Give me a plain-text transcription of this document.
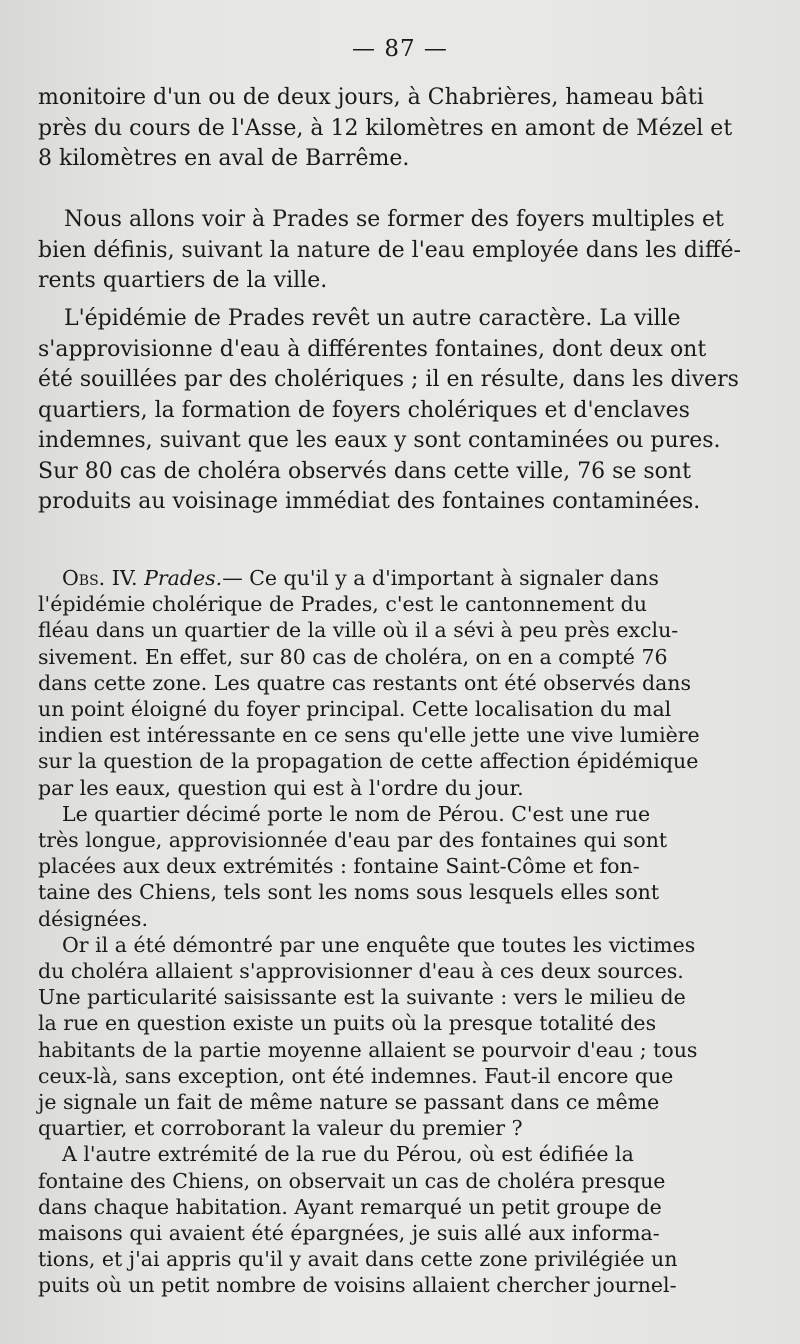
— 87 —

monitoire d'un ou de deux jours, à Chabrières, hameau bâti
près du cours de l'Asse, à 12 kilomètres en amont de Mézel et
8 kilomètres en aval de Barrême.

Nous allons voir à Prades se former des foyers multiples et
bien définis, suivant la nature de l'eau employée dans les diffé-
rents quartiers de la ville.

L'épidémie de Prades revêt un autre caractère. La ville
s'approvisionne d'eau à différentes fontaines, dont deux ont
été souillées par des cholériques ; il en résulte, dans les divers
quartiers, la formation de foyers cholériques et d'enclaves
indemnes, suivant que les eaux y sont contaminées ou pures.
Sur 80 cas de choléra observés dans cette ville, 76 se sont
produits au voisinage immédiat des fontaines contaminées.

Obs. IV. Prades.— Ce qu'il y a d'important à signaler dans
l'épidémie cholérique de Prades, c'est le cantonnement du
fléau dans un quartier de la ville où il a sévi à peu près exclu-
sivement. En effet, sur 80 cas de choléra, on en a compté 76
dans cette zone. Les quatre cas restants ont été observés dans
un point éloigné du foyer principal. Cette localisation du mal
indien est intéressante en ce sens qu'elle jette une vive lumière
sur la question de la propagation de cette affection épidémique
par les eaux, question qui est à l'ordre du jour.

Le quartier décimé porte le nom de Pérou. C'est une rue
très longue, approvisionnée d'eau par des fontaines qui sont
placées aux deux extrémités : fontaine Saint-Côme et fon-
taine des Chiens, tels sont les noms sous lesquels elles sont
désignées.

Or il a été démontré par une enquête que toutes les victimes
du choléra allaient s'approvisionner d'eau à ces deux sources.
Une particularité saisissante est la suivante : vers le milieu de
la rue en question existe un puits où la presque totalité des
habitants de la partie moyenne allaient se pourvoir d'eau ; tous
ceux-là, sans exception, ont été indemnes. Faut-il encore que
je signale un fait de même nature se passant dans ce même
quartier, et corroborant la valeur du premier ?

A l'autre extrémité de la rue du Pérou, où est édifiée la
fontaine des Chiens, on observait un cas de choléra presque
dans chaque habitation. Ayant remarqué un petit groupe de
maisons qui avaient été épargnées, je suis allé aux informa-
tions, et j'ai appris qu'il y avait dans cette zone privilégiée un
puits où un petit nombre de voisins allaient chercher journel-
